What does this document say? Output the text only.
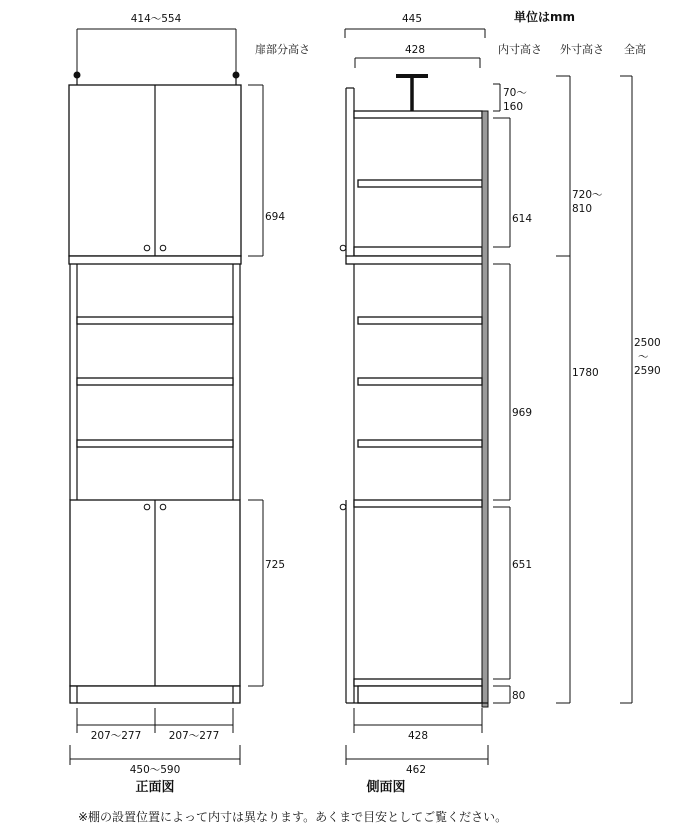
単位はmm
扉部分高さ	内寸高さ 外寸高さ 全高
414～554
694
725
207～277	207～277
450～590
正面図
445
428
70～
160
614
969
651
80
720～
810
1780
2500
～
2590
428
462
側面図
※棚の設置位置によって内寸は異なります。あくまで目安としてご覧ください。
